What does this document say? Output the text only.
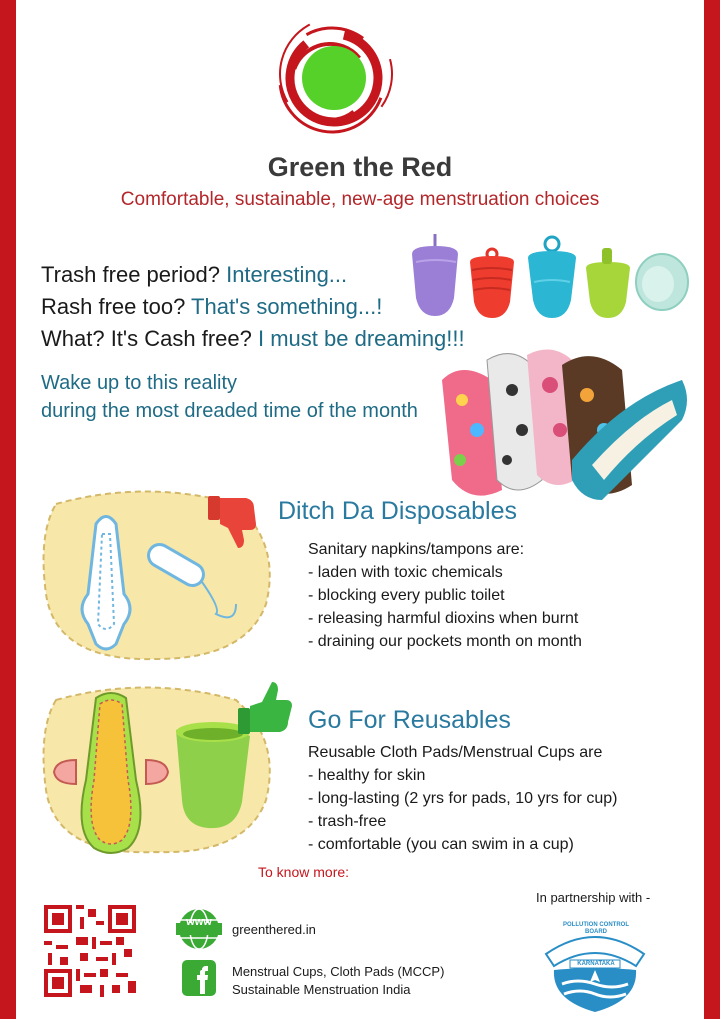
Green the Red
Comfortable, sustainable, new-age menstruation choices
Trash free period? Interesting...
Rash free too? That's something...!
What? It's Cash free? I must be dreaming!!!
Wake up to this reality
during the most dreaded time of the month
Ditch Da Disposables
Sanitary napkins/tampons are:
- laden with toxic chemicals
- blocking every public toilet
- releasing harmful dioxins when burnt
- draining our pockets month on month
Go For Reusables
Reusable Cloth Pads/Menstrual Cups are
- healthy for skin
- long-lasting (2 yrs for pads, 10 yrs for cup)
- trash-free
- comfortable (you can swim in a cup)
To know more:
In partnership with -
www	greenthered.in
Menstrual Cups, Cloth Pads (MCCP)
Sustainable Menstruation India
POLLUTION CONTROL BOARD
KARNATAKA
